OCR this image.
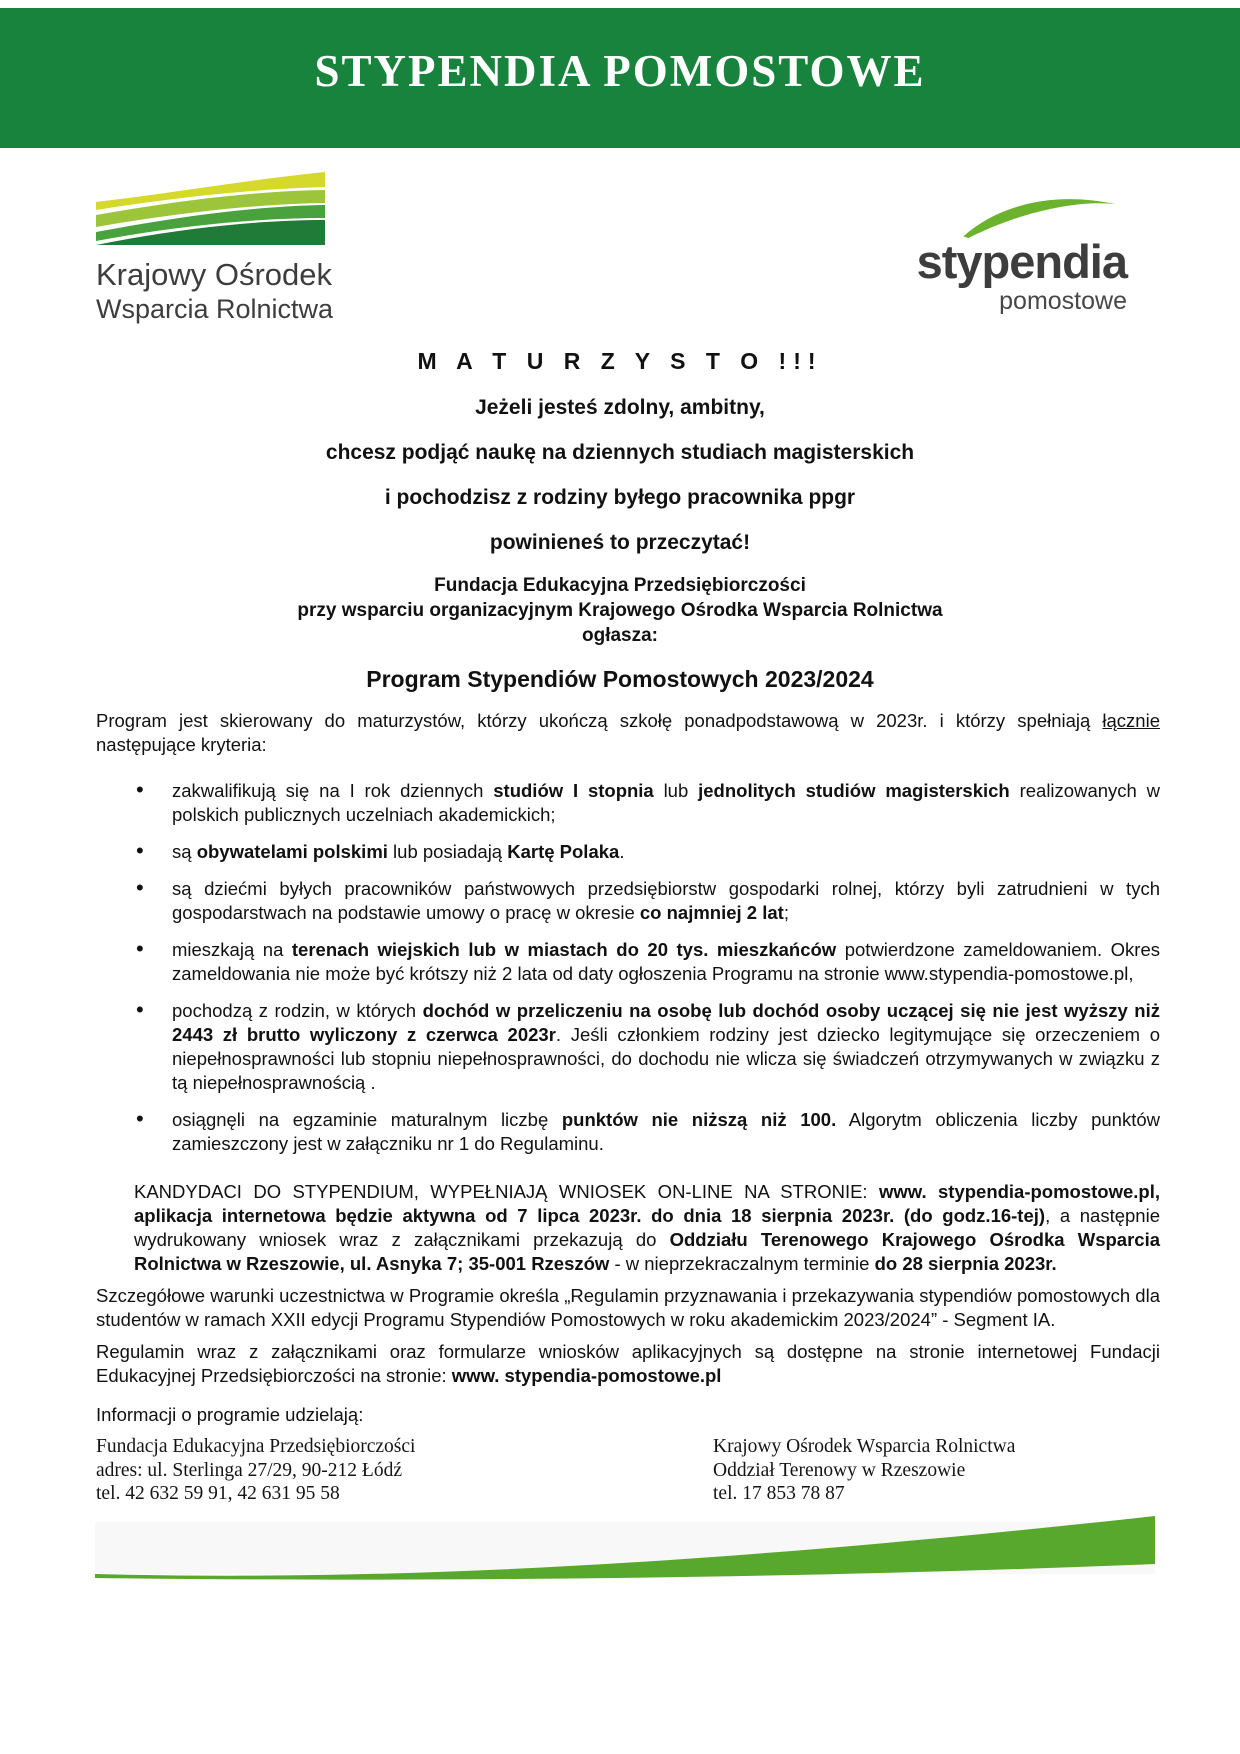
STYPENDIA POMOSTOWE
Krajowy Ośrodek
Wsparcia Rolnictwa
stypendia
pomostowe

M A T U R Z Y S T O !!!

Jeżeli jesteś zdolny, ambitny,

chcesz podjąć naukę na dziennych studiach magisterskich

i pochodzisz z rodziny byłego pracownika ppgr

powinieneś to przeczytać!

Fundacja Edukacyjna Przedsiębiorczości

przy wsparciu organizacyjnym Krajowego Ośrodka Wsparcia Rolnictwa

ogłasza:

Program Stypendiów Pomostowych 2023/2024

Program jest skierowany do maturzystów, którzy ukończą szkołę ponadpodstawową w 2023r. i którzy spełniają łącznie następujące kryteria:

• zakwalifikują się na I rok dziennych studiów I stopnia lub jednolitych studiów magisterskich realizowanych w polskich publicznych uczelniach akademickich;
• są obywatelami polskimi lub posiadają Kartę Polaka.
• są dziećmi byłych pracowników państwowych przedsiębiorstw gospodarki rolnej, którzy byli zatrudnieni w tych gospodarstwach na podstawie umowy o pracę w okresie co najmniej 2 lat;
• mieszkają na terenach wiejskich lub w miastach do 20 tys. mieszkańców potwierdzone zameldowaniem. Okres zameldowania nie może być krótszy niż 2 lata od daty ogłoszenia Programu na stronie www.stypendia-pomostowe.pl,
• pochodzą z rodzin, w których dochód w przeliczeniu na osobę lub dochód osoby uczącej się nie jest wyższy niż 2443 zł brutto wyliczony z czerwca 2023r. Jeśli członkiem rodziny jest dziecko legitymujące się orzeczeniem o niepełnosprawności lub stopniu niepełnosprawności, do dochodu nie wlicza się świadczeń otrzymywanych w związku z tą niepełnosprawnością .
• osiągnęli na egzaminie maturalnym liczbę punktów nie niższą niż 100. Algorytm obliczenia liczby punktów zamieszczony jest w załączniku nr 1 do Regulaminu.

KANDYDACI DO STYPENDIUM, WYPEŁNIAJĄ WNIOSEK ON-LINE NA STRONIE: www. stypendia-pomostowe.pl, aplikacja internetowa będzie aktywna od 7 lipca 2023r. do dnia 18 sierpnia 2023r. (do godz.16-tej), a następnie wydrukowany wniosek wraz z załącznikami przekazują do Oddziału Terenowego Krajowego Ośrodka Wsparcia Rolnictwa w Rzeszowie, ul. Asnyka 7; 35-001 Rzeszów - w nieprzekraczalnym terminie do 28 sierpnia 2023r.

Szczegółowe warunki uczestnictwa w Programie określa „Regulamin przyznawania i przekazywania stypendiów pomostowych dla studentów w ramach XXII edycji Programu Stypendiów Pomostowych w roku akademickim 2023/2024” - Segment IA.

Regulamin wraz z załącznikami oraz formularze wniosków aplikacyjnych są dostępne na stronie internetowej Fundacji Edukacyjnej Przedsiębiorczości na stronie: www. stypendia-pomostowe.pl

Informacji o programie udzielają:

Fundacja Edukacyjna Przedsiębiorczości
adres: ul. Sterlinga 27/29, 90-212 Łódź
tel. 42 632 59 91, 42 631 95 58
Krajowy Ośrodek Wsparcia Rolnictwa
Oddział Terenowy w Rzeszowie
tel. 17 853 78 87
